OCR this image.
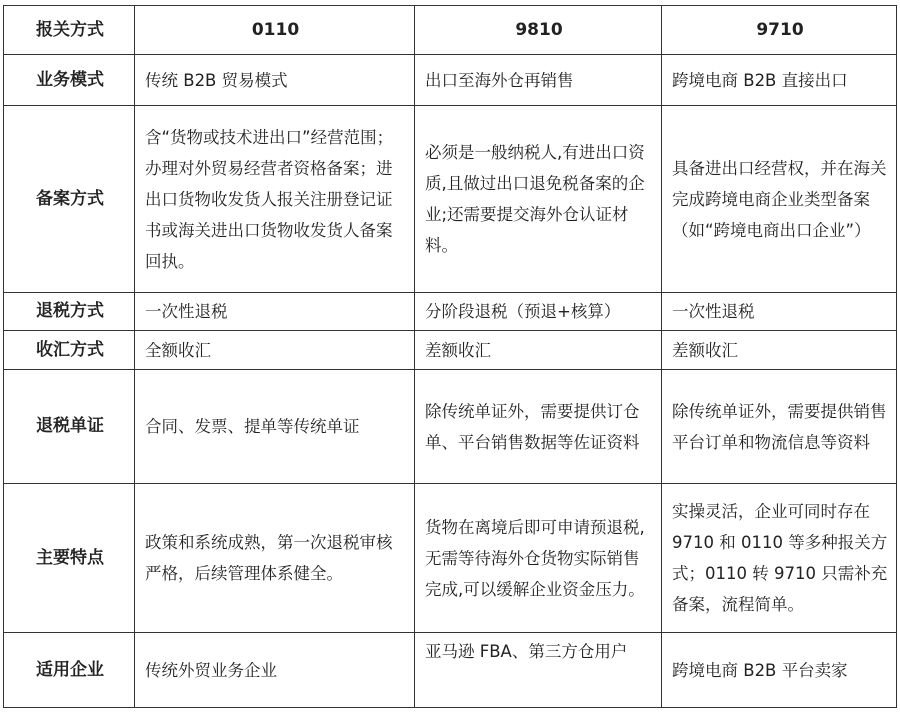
报关方式	0110	9810	9710
业务模式	传统 B2B 贸易模式	出口至海外仓再销售	跨境电商 B2B 直接出口
备案方式	含“货物或技术进出口”经营范围；办理对外贸易经营者资格备案；进出口货物收发货人报关注册登记证书或海关进出口货物收发货人备案回执。	必须是一般纳税人,有进出口资质,且做过出口退免税备案的企业;还需要提交海外仓认证材料。	具备进出口经营权，并在海关完成跨境电商企业类型备案（如“跨境电商出口企业”）
退税方式	一次性退税	分阶段退税（预退+核算）	一次性退税
收汇方式	全额收汇	差额收汇	差额收汇
退税单证	合同、发票、提单等传统单证	除传统单证外，需要提供订仓单、平台销售数据等佐证资料	除传统单证外，需要提供销售平台订单和物流信息等资料
主要特点	政策和系统成熟，第一次退税审核严格，后续管理体系健全。	货物在离境后即可申请预退税,无需等待海外仓货物实际销售完成,可以缓解企业资金压力。	实操灵活，企业可同时存在 9710 和 0110 等多种报关方式；0110 转 9710 只需补充备案，流程简单。
适用企业	传统外贸业务企业	亚马逊 FBA、第三方仓用户	跨境电商 B2B 平台卖家
